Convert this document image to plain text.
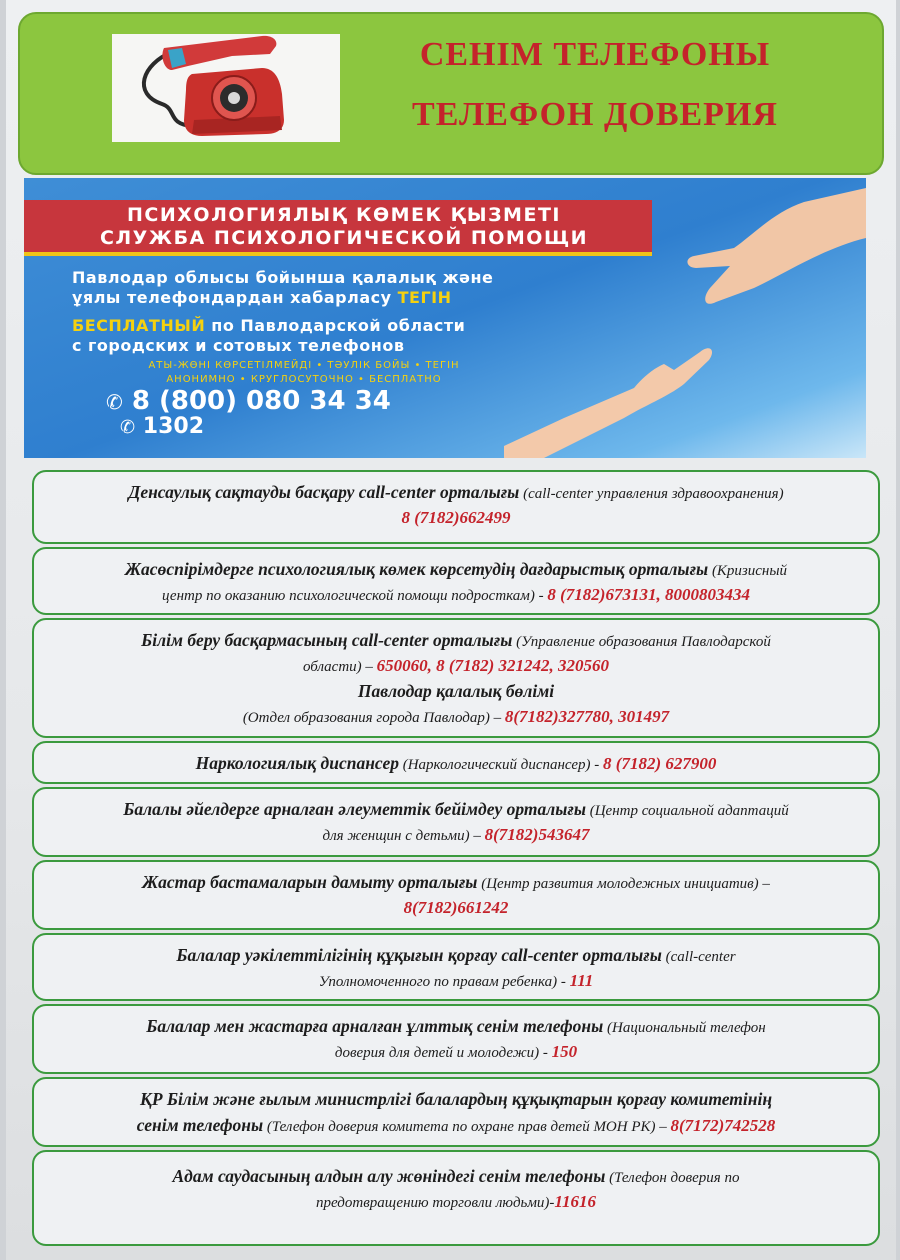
СЕНІМ ТЕЛЕФОНЫ
ТЕЛЕФОН ДОВЕРИЯ
ПСИХОЛОГИЯЛЫҚ КӨМЕК ҚЫЗМЕТІ
СЛУЖБА ПСИХОЛОГИЧЕСКОЙ ПОМОЩИ
Павлодар облысы бойынша қалалық және
ұялы телефондардан хабарласу ТЕГІН
БЕСПЛАТНЫЙ по Павлодарской области
с городских и сотовых телефонов
АТЫ-ЖӨНІ КӨРСЕТІЛМЕЙДІ • ТӘУЛІК БОЙЫ • ТЕГІН
АНОНИМНО • КРУГЛОСУТОЧНО • БЕСПЛАТНО
✆ 8 (800) 080 34 34
✆ 1302
Денсаулық сақтауды басқару call-center орталығы (call-center управления здравоохранения)
8 (7182)662499
Жасөспірімдерге психологиялық көмек көрсетудің дағдарыстық орталығы (Кризисный
центр по оказанию психологической помощи подросткам) - 8 (7182)673131, 8000803434
Білім беру басқармасының call-center орталығы (Управление образования Павлодарской
области) – 650060, 8 (7182) 321242, 320560
Павлодар қалалық бөлімі
(Отдел образования города Павлодар) – 8(7182)327780, 301497
Наркологиялық диспансер (Наркологический диспансер) - 8 (7182) 627900
Балалы әйелдерге арналған әлеуметтік бейімдеу орталығы (Центр социальной адаптаций
для женщин с детьми) – 8(7182)543647
Жастар бастамаларын дамыту орталығы (Центр развития молодежных инициатив) –
8(7182)661242
Балалар уәкілеттілігінің құқығын қорғау call-center орталығы (call-center
Уполномоченного по правам ребенка) - 111
Балалар мен жастарға арналған ұлттық сенім телефоны (Национальный телефон
доверия для детей и молодежи) - 150
ҚР Білім және ғылым министрлігі балалардың құқықтарын қорғау комитетінің
сенім телефоны (Телефон доверия комитета по охране прав детей МОН РК) – 8(7172)742528
Адам саудасының алдын алу жөніндегі сенім телефоны (Телефон доверия по
предотвращению торговли людьми)-11616
